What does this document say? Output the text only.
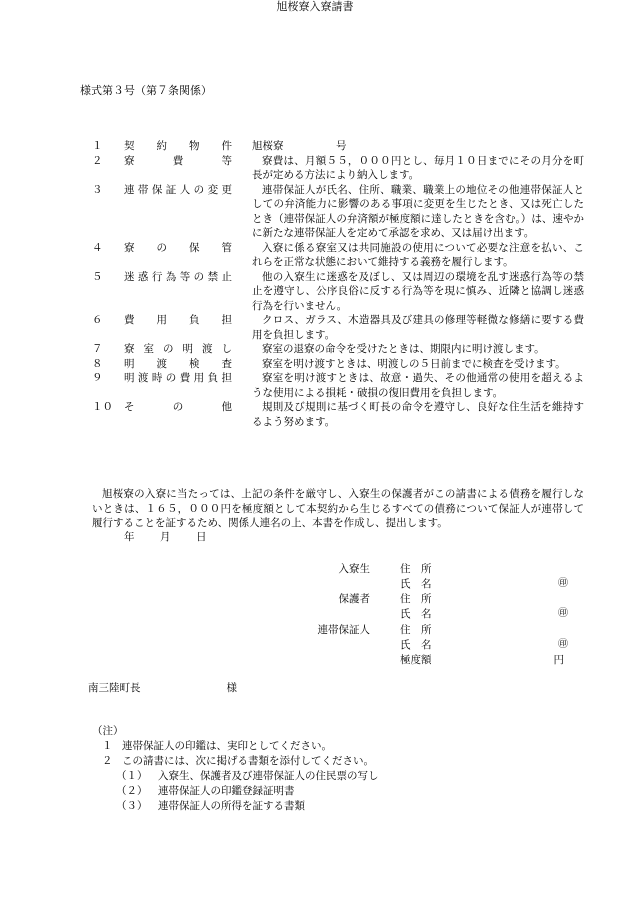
様式第３号（第７条関係）
旭桜寮入寮請書
１	契約物件 旭桜寮　　　　　号
２	寮費等	寮費は、月額５５，０００円とし、毎月１０日までにその月分を町長が定める方法により納入します。
３	連帯保証人の変更	連帯保証人が氏名、住所、職業、職業上の地位その他連帯保証人としての弁済能力に影響のある事項に変更を生じたとき、又は死亡したとき（連帯保証人の弁済額が極度額に達したときを含む。）は、速やかに新たな連帯保証人を定めて承認を求め、又は届け出ます。
４	寮の保管	入寮に係る寮室又は共同施設の使用について必要な注意を払い、これらを正常な状態において維持する義務を履行します。
５	迷惑行為等の禁止	他の入寮生に迷惑を及ぼし、又は周辺の環境を乱す迷惑行為等の禁止を遵守し、公序良俗に反する行為等を現に慎み、近隣と協調し迷惑行為を行いません。
６	費用負担	クロス、ガラス、木造器具及び建具の修理等軽微な修繕に要する費用を負担します。
７	寮室の明渡し	寮室の退寮の命令を受けたときは、期限内に明け渡します。
８	明渡検査	寮室を明け渡すときは、明渡しの５日前までに検査を受けます。
９	明渡時の費用負担	寮室を明け渡すときは、故意・過失、その他通常の使用を超えるような使用による損耗・破損の復旧費用を負担します。
１０	その他	規則及び規則に基づく町長の命令を遵守し、良好な住生活を維持するよう努めます。
旭桜寮の入寮に当たっては、上記の条件を厳守し、入寮生の保護者がこの請書による債務を履行しないときは、１６５，０００円を極度額として本契約から生じるすべての債務について保証人が連帯して履行することを証するため、関係人連名の上、本書を作成し、提出します。
年 月 日
入寮生	住　所
氏　名	㊞
保護者	住　所
氏　名	㊞
連帯保証人	住　所
氏　名	㊞
極度額	円
南三陸町長	様
（注）
１ 連帯保証人の印鑑は、実印としてください。
２ この請書には、次に掲げる書類を添付してください。
（１） 入寮生、保護者及び連帯保証人の住民票の写し
（２） 連帯保証人の印鑑登録証明書
（３） 連帯保証人の所得を証する書類
